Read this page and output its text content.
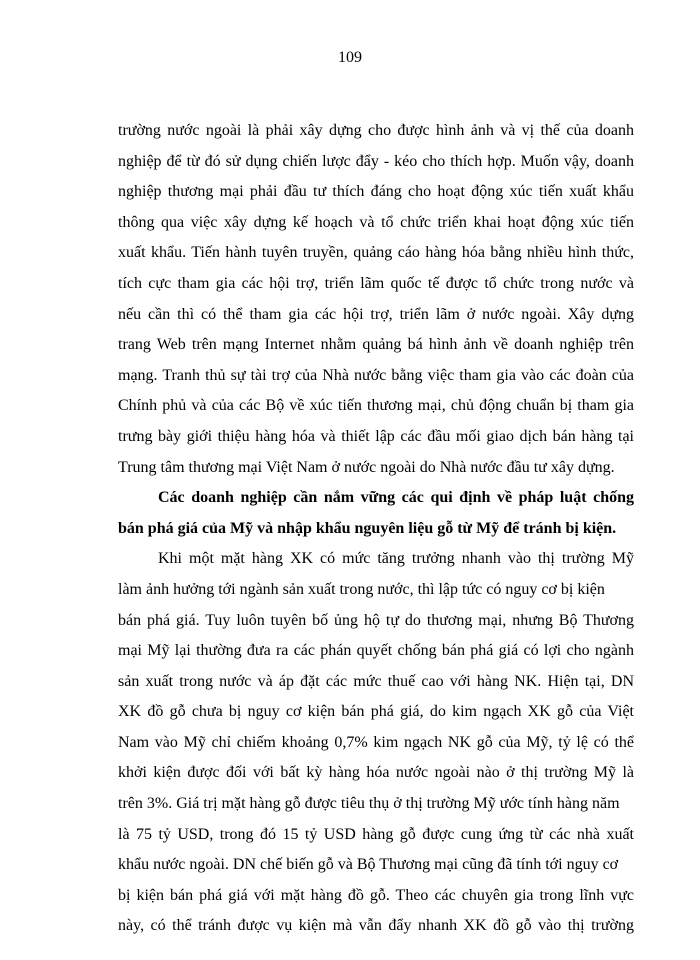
109
trường nước ngoài là phải xây dựng cho được hình ảnh và vị thế của doanh
nghiệp để từ đó sử dụng chiến lược đẩy - kéo cho thích hợp. Muốn vậy, doanh
nghiệp thương mại phải đầu tư thích đáng cho hoạt động xúc tiến xuất khẩu
thông qua việc xây dựng kế hoạch và tổ chức triển khai hoạt động xúc tiến
xuất khẩu. Tiến hành tuyên truyền, quảng cáo hàng hóa bằng nhiều hình thức,
tích cực tham gia các hội trợ, triển lãm quốc tế được tổ chức trong nước và
nếu cần thì có thể tham gia các hội trợ, triển lãm ở nước ngoài. Xây dựng
trang Web trên mạng Internet nhằm quảng bá hình ảnh về doanh nghiệp trên
mạng. Tranh thủ sự tài trợ của Nhà nước bằng việc tham gia vào các đoàn của
Chính phủ và của các Bộ về xúc tiến thương mại, chủ động chuẩn bị tham gia
trưng bày giới thiệu hàng hóa và thiết lập các đầu mối giao dịch bán hàng tại
Trung tâm thương mại Việt Nam ở nước ngoài do Nhà nước đầu tư xây dựng.
Các doanh nghiệp cần nắm vững các qui định về pháp luật chống
bán phá giá của Mỹ và nhập khẩu nguyên liệu gỗ từ Mỹ để tránh bị kiện.
Khi một mặt hàng XK có mức tăng trưởng nhanh vào thị trường Mỹ
làm ảnh hưởng tới ngành sản xuất trong nước, thì lập tức có nguy cơ bị kiện
bán phá giá. Tuy luôn tuyên bố ủng hộ tự do thương mại, nhưng Bộ Thương
mại Mỹ lại thường đưa ra các phán quyết chống bán phá giá có lợi cho ngành
sản xuất trong nước và áp đặt các mức thuế cao với hàng NK. Hiện tại, DN
XK đồ gỗ chưa bị nguy cơ kiện bán phá giá, do kim ngạch XK gỗ của Việt
Nam vào Mỹ chỉ chiếm khoảng 0,7% kim ngạch NK gỗ của Mỹ, tỷ lệ có thể
khởi kiện được đối với bất kỳ hàng hóa nước ngoài nào ở thị trường Mỹ là
trên 3%. Giá trị mặt hàng gỗ được tiêu thụ ở thị trường Mỹ ước tính hàng năm
là 75 tỷ USD, trong đó 15 tỷ USD hàng gỗ được cung ứng từ các nhà xuất
khẩu nước ngoài. DN chế biến gỗ và Bộ Thương mại cũng đã tính tới nguy cơ
bị kiện bán phá giá với mặt hàng đồ gỗ. Theo các chuyên gia trong lĩnh vực
này, có thể tránh được vụ kiện mà vẫn đẩy nhanh XK đồ gỗ vào thị trường
